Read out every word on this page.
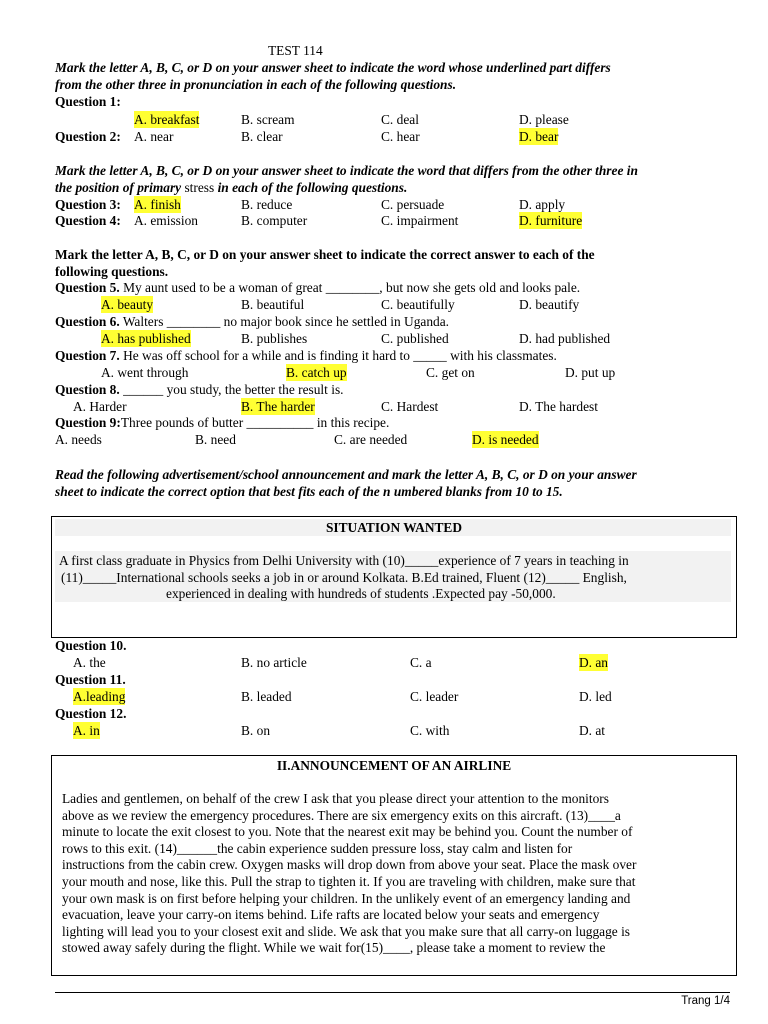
TEST 114
Mark the letter A, B, C, or D on your answer sheet to indicate the word whose underlined part differs
from the other three in pronunciation in each of the following questions.
Question 1:
A. breakfast	B. scream	C. deal	D. please
Question 2: A. near	B. clear	C. hear	D. bear
Mark the letter A, B, C, or D on your answer sheet to indicate the word that differs from the other three in
the position of primary stress in each of the following questions.
Question 3: A. finish	B. reduce	C. persuade	D. apply
Question 4: A. emission	B. computer	C. impairment	D. furniture
Mark the letter A, B, C, or D on your answer sheet to indicate the correct answer to each of the
following questions.
Question 5. My aunt used to be a woman of great ________, but now she gets old and looks pale.
A. beauty	B. beautiful	C. beautifully	D. beautify
Question 6. Walters ________ no major book since he settled in Uganda.
A. has published	B. publishes	C. published	D. had published
Question 7. He was off school for a while and is finding it hard to _____ with his classmates.
A. went through	B. catch up	C. get on	D. put up
Question 8. ______ you study, the better the result is.
A. Harder	B. The harder	C. Hardest	D. The hardest
Question 9:Three pounds of butter __________ in this recipe.
A. needs	B. need	C. are needed	D. is needed
Read the following advertisement/school announcement and mark the letter A, B, C, or D on your answer
sheet to indicate the correct option that best fits each of the n umbered blanks from 10 to 15.
SITUATION WANTED
A first class graduate in Physics from Delhi University with (10)_____experience of 7 years in teaching in
(11)_____International schools seeks a job in or around Kolkata. B.Ed trained, Fluent (12)_____ English,
experienced in dealing with hundreds of students .Expected pay -50,000.
Question 10.
A. the	B. no article	C. a	D. an
Question 11.
A.leading	B. leaded	C. leader	D. led
Question 12.
A. in	B. on	C. with	D. at
II.ANNOUNCEMENT OF AN AIRLINE
Ladies and gentlemen, on behalf of the crew I ask that you please direct your attention to the monitors
above as we review the emergency procedures. There are six emergency exits on this aircraft. (13)____a
minute to locate the exit closest to you. Note that the nearest exit may be behind you. Count the number of
rows to this exit. (14)______the cabin experience sudden pressure loss, stay calm and listen for
instructions from the cabin crew. Oxygen masks will drop down from above your seat. Place the mask over
your mouth and nose, like this. Pull the strap to tighten it. If you are traveling with children, make sure that
your own mask is on first before helping your children. In the unlikely event of an emergency landing and
evacuation, leave your carry-on items behind. Life rafts are located below your seats and emergency
lighting will lead you to your closest exit and slide. We ask that you make sure that all carry-on luggage is
stowed away safely during the flight. While we wait for(15)____, please take a moment to review the
Trang 1/4
